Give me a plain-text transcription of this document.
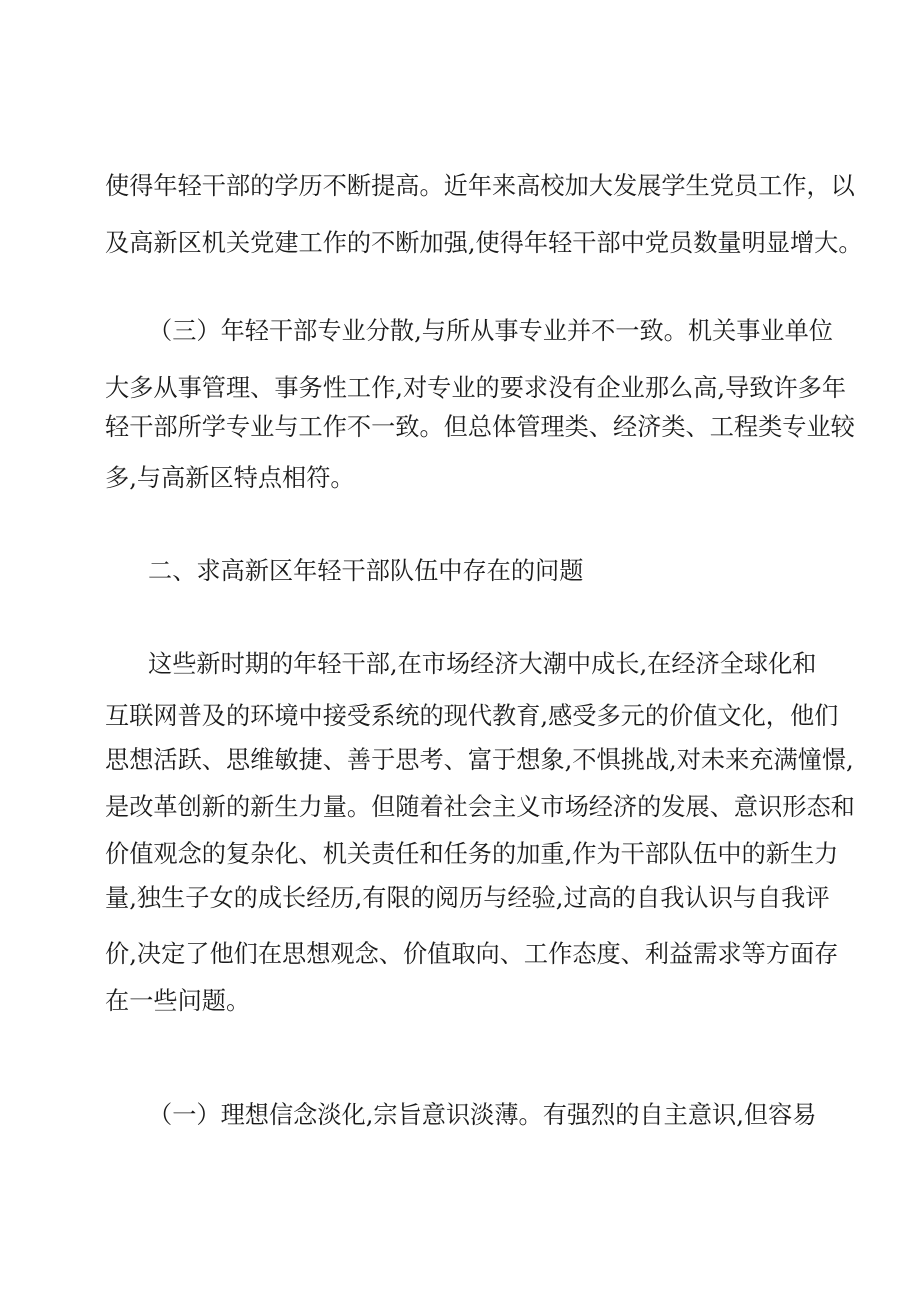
使得年轻干部的学历不断提高。近年来高校加大发展学生党员工作，以
及高新区机关党建工作的不断加强,使得年轻干部中党员数量明显增大。
（三）年轻干部专业分散,与所从事专业并不一致。机关事业单位
大多从事管理、事务性工作,对专业的要求没有企业那么高,导致许多年
轻干部所学专业与工作不一致。但总体管理类、经济类、工程类专业较
多,与高新区特点相符。
二、求高新区年轻干部队伍中存在的问题
这些新时期的年轻干部,在市场经济大潮中成长,在经济全球化和
互联网普及的环境中接受系统的现代教育,感受多元的价值文化，他们
思想活跃、思维敏捷、善于思考、富于想象,不惧挑战,对未来充满憧憬,
是改革创新的新生力量。但随着社会主义市场经济的发展、意识形态和
价值观念的复杂化、机关责任和任务的加重,作为干部队伍中的新生力
量,独生子女的成长经历,有限的阅历与经验,过高的自我认识与自我评
价,决定了他们在思想观念、价值取向、工作态度、利益需求等方面存
在一些问题。
（一）理想信念淡化,宗旨意识淡薄。有强烈的自主意识,但容易
